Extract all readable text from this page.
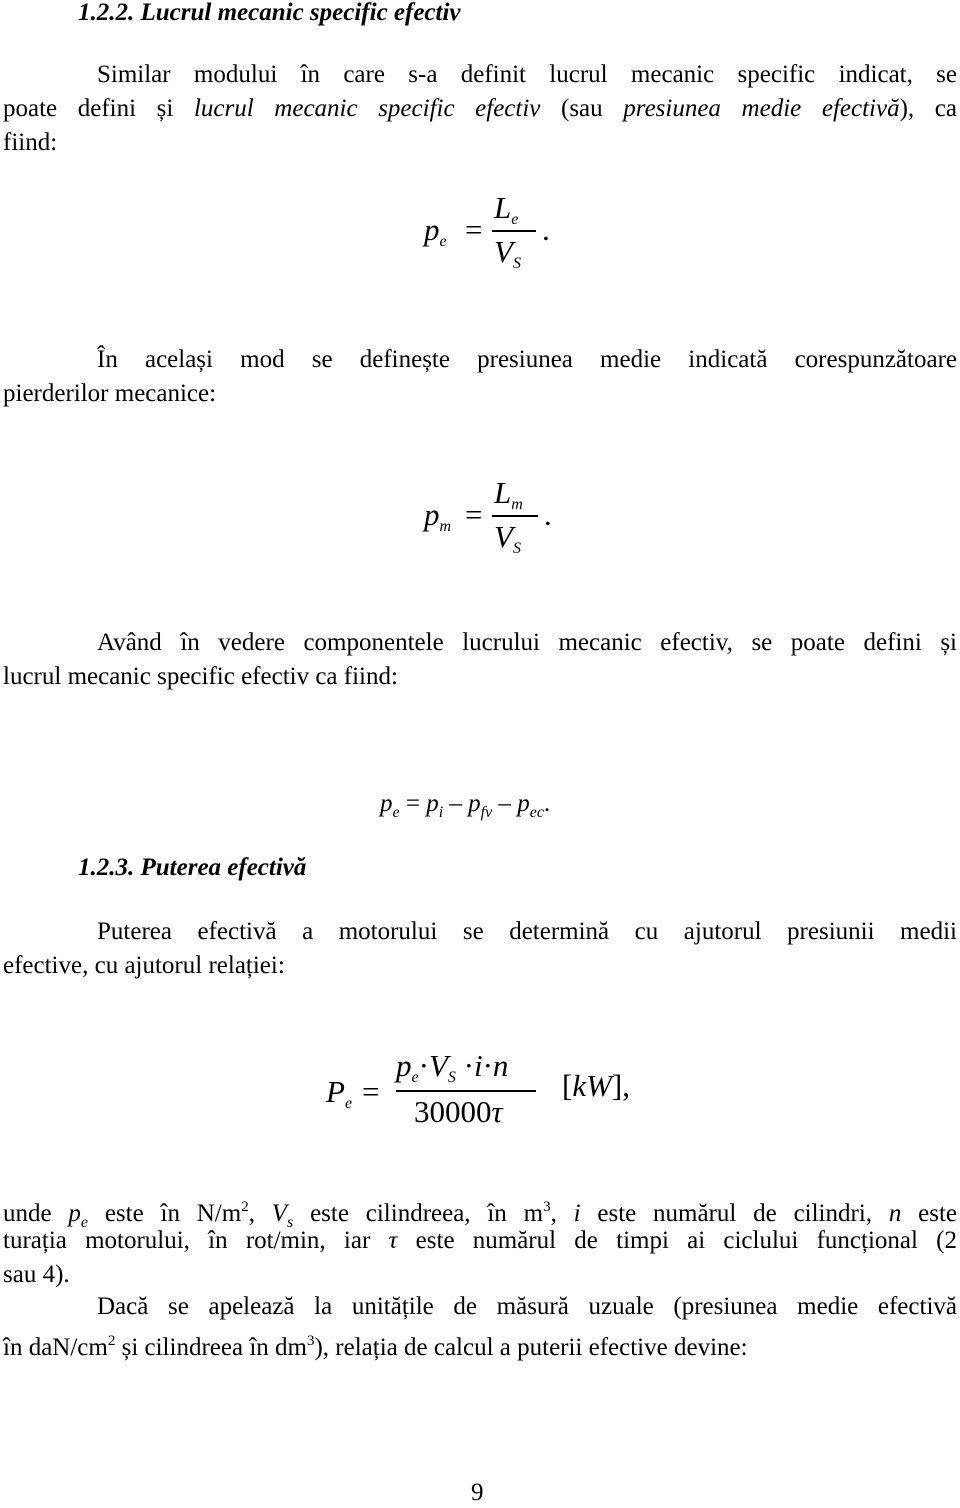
1.2.2. Lucrul mecanic specific efectiv
Similar modului în care s-a definit lucrul mecanic specific indicat, se
poate defini și lucrul mecanic specific efectiv (sau presiunea medie efectivă), ca
fiind:
$p_e$ =
$L_e$
$V_S$
.
În același mod se definește presiunea medie indicată corespunzătoare
pierderilor mecanice:
$p_m$ =
$L_m$
$V_S$
.
Având în vedere componentele lucrului mecanic efectiv, se poate defini și
lucrul mecanic specific efectiv ca fiind:
$p_e = p_i - p_{fv} - p_{ec}$.
1.2.3. Puterea efectivă
Puterea efectivă a motorului se determină cu ajutorul presiunii medii
efective, cu ajutorul relației:
$P_e$ =
$p_e\cdot V_S \cdot i\cdot n$
30000τ
[kW],
unde $p_e$ este în $N/m^2$, $V_s$ este cilindreea, în $m^3$, i este numărul de cilindri, n este
turația motorului, în rot/min, iar τ este numărul de timpi ai ciclului funcțional (2
sau 4).
Dacă se apelează la unitățile de măsură uzuale (presiunea medie efectivă
în daN/$cm^2$ și cilindreea în $dm^3$), relația de calcul a puterii efective devine:
9
